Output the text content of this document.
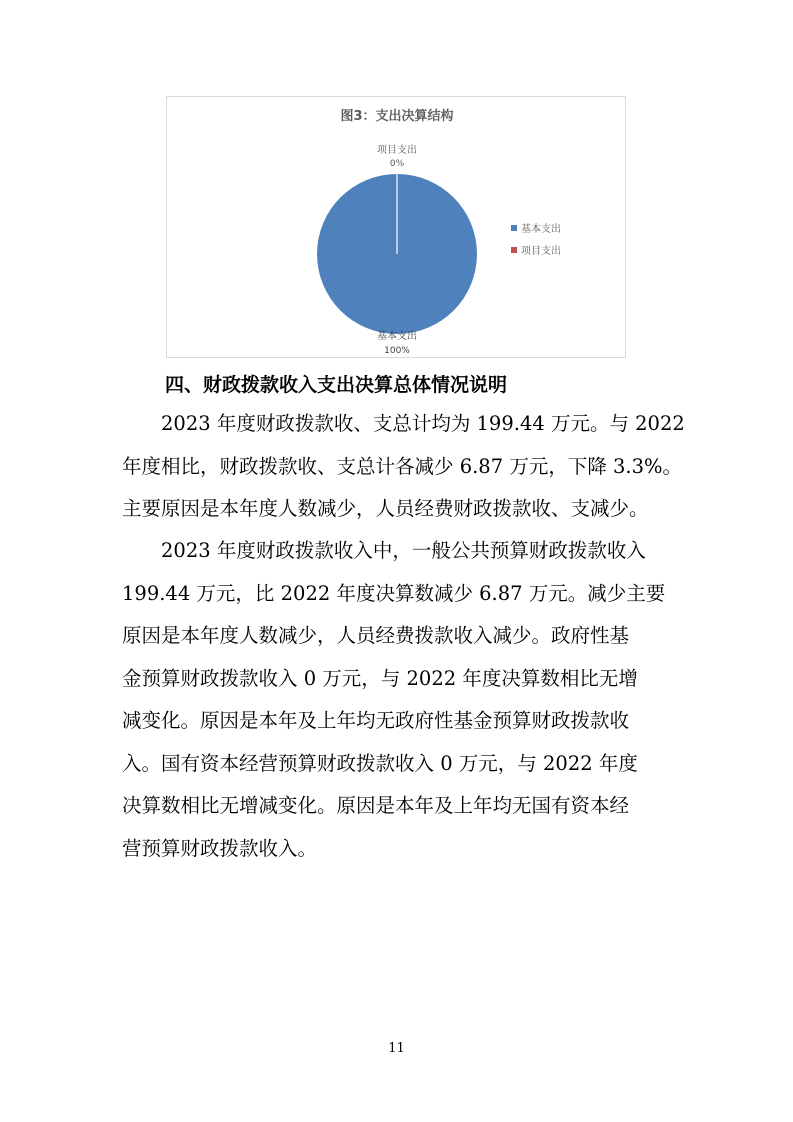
图3：支出决算结构
项目支出
0%
基本支出
100%
基本支出
项目支出
四、财政拨款收入支出决算总体情况说明

2023 年度财政拨款收、支总计均为 199.44 万元。与 2022
年度相比，财政拨款收、支总计各减少 6.87 万元，下降 3.3%。
主要原因是本年度人数减少，人员经费财政拨款收、支减少。

2023 年度财政拨款收入中，一般公共预算财政拨款收入
199.44 万元，比 2022 年度决算数减少 6.87 万元。减少主要
原因是本年度人数减少，人员经费拨款收入减少。政府性基
金预算财政拨款收入 0 万元，与 2022 年度决算数相比无增
减变化。原因是本年及上年均无政府性基金预算财政拨款收
入。国有资本经营预算财政拨款收入 0 万元，与 2022 年度
决算数相比无增减变化。原因是本年及上年均无国有资本经
营预算财政拨款收入。

11
